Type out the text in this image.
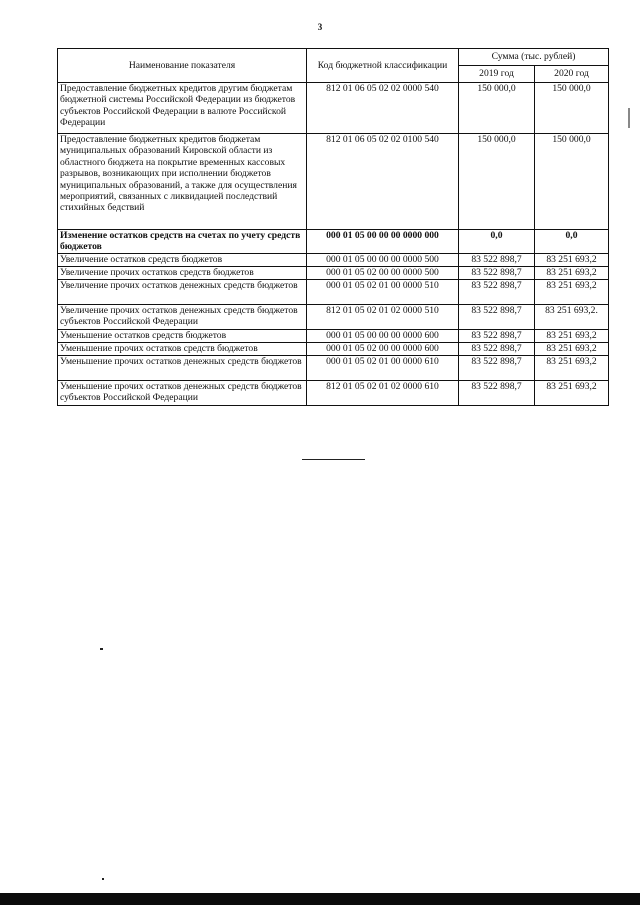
3
Наименование показателя	Код бюджетной классификации	Сумма (тыс. рублей)	
		2019 год	2020 год
Предоставление бюджетных кредитов другим бюджетам бюджетной системы Российской Федерации из бюджетов субъектов Российской Федерации в валюте Российской Федерации	812 01 06 05 02 02 0000 540	150 000,0	150 000,0
Предоставление бюджетных кредитов бюджетам муниципальных образований Кировской области из областного бюджета на покрытие временных кассовых разрывов, возникающих при исполнении бюджетов муниципальных образований, а также для осуществления мероприятий, связанных с ликвидацией последствий стихийных бедствий	812 01 06 05 02 02 0100 540	150 000,0	150 000,0
Изменение остатков средств на счетах по учету средств бюджетов	000 01 05 00 00 00 0000 000	0,0	0,0
Увеличение остатков средств бюджетов	000 01 05 00 00 00 0000 500	83 522 898,7	83 251 693,2
Увеличение прочих остатков средств бюджетов	000 01 05 02 00 00 0000 500	83 522 898,7	83 251 693,2
Увеличение прочих остатков денежных средств бюджетов	000 01 05 02 01 00 0000 510	83 522 898,7	83 251 693,2
Увеличение прочих остатков денежных средств бюджетов субъектов Российской Федерации	812 01 05 02 01 02 0000 510	83 522 898,7	83 251 693,2.
Уменьшение остатков средств бюджетов	000 01 05 00 00 00 0000 600	83 522 898,7	83 251 693,2
Уменьшение прочих остатков средств бюджетов	000 01 05 02 00 00 0000 600	83 522 898,7	83 251 693,2
Уменьшение прочих остатков денежных средств бюджетов	000 01 05 02 01 00 0000 610	83 522 898,7	83 251 693,2
Уменьшение прочих остатков денежных средств бюджетов субъектов Российской Федерации	812 01 05 02 01 02 0000 610	83 522 898,7	83 251 693,2
